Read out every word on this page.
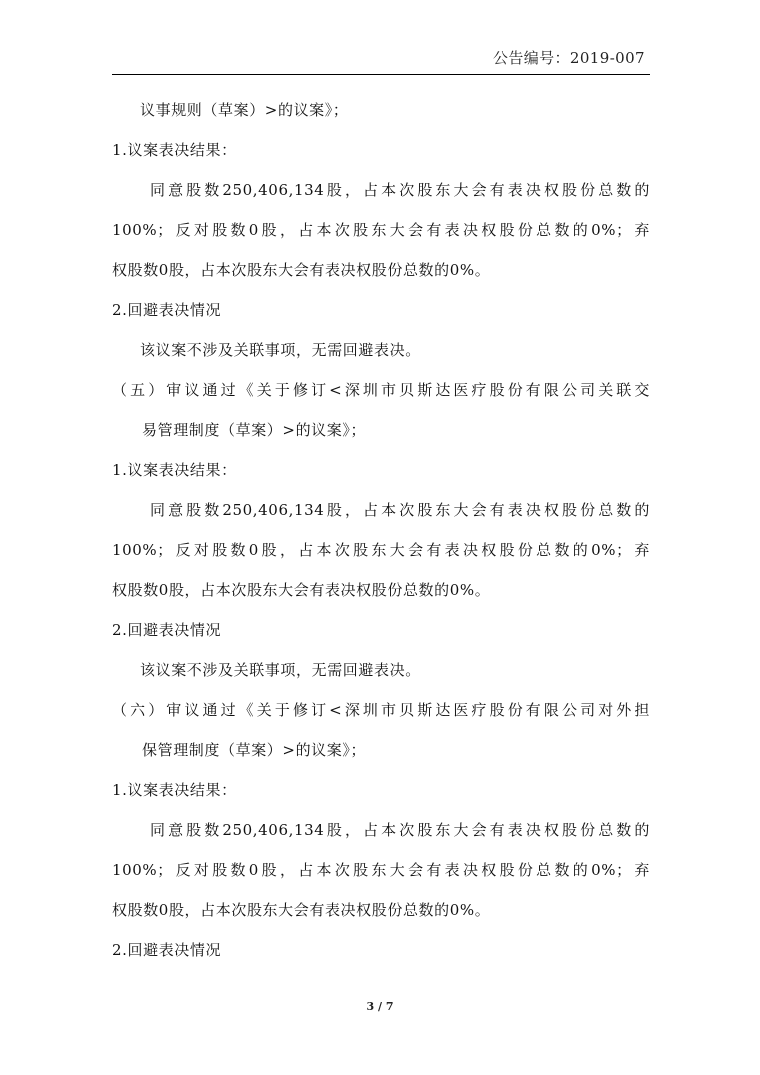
公告编号：2019-007
议事规则（草案）>的议案》；
1.议案表决结果：
同意股数250,406,134股，占本次股东大会有表决权股份总数的
100%；反对股数0股，占本次股东大会有表决权股份总数的0%；弃
权股数0股，占本次股东大会有表决权股份总数的0%。
2.回避表决情况
该议案不涉及关联事项，无需回避表决。
（五）审议通过《关于修订<深圳市贝斯达医疗股份有限公司关联交
易管理制度（草案）>的议案》；
1.议案表决结果：
同意股数250,406,134股，占本次股东大会有表决权股份总数的
100%；反对股数0股，占本次股东大会有表决权股份总数的0%；弃
权股数0股，占本次股东大会有表决权股份总数的0%。
2.回避表决情况
该议案不涉及关联事项，无需回避表决。
（六）审议通过《关于修订<深圳市贝斯达医疗股份有限公司对外担
保管理制度（草案）>的议案》；
1.议案表决结果：
同意股数250,406,134股，占本次股东大会有表决权股份总数的
100%；反对股数0股，占本次股东大会有表决权股份总数的0%；弃
权股数0股，占本次股东大会有表决权股份总数的0%。
2.回避表决情况
3 / 7
